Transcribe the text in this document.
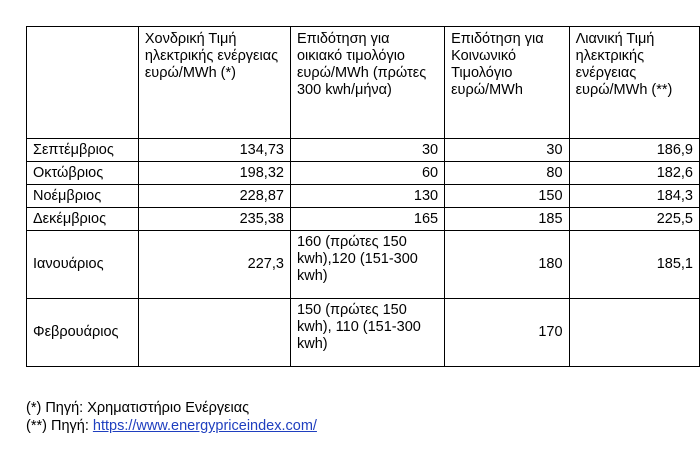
	Χονδρική Τιμή ηλεκτρικής ενέργειας ευρώ/MWh (*)	Επιδότηση για οικιακό τιμολόγιο ευρώ/MWh (πρώτες 300 kwh/μήνα)	Επιδότηση για Κοινωνικό Τιμολόγιο ευρώ/MWh	Λιανική Τιμή ηλεκτρικής ενέργειας ευρώ/MWh (**)
Σεπτέμβριος	134,73	30	30	186,9
Οκτώβριος	198,32	60	80	182,6
Νοέμβριος	228,87	130	150	184,3
Δεκέμβριος	235,38	165	185	225,5
Ιανουάριος	227,3	160 (πρώτες 150 kwh),120 (151-300 kwh)	180	185,1
Φεβρουάριος		150 (πρώτες 150 kwh), 110 (151-300 kwh)	170	
(*) Πηγή: Χρηματιστήριο Ενέργειας
(**) Πηγή: https://www.energypriceindex.com/
